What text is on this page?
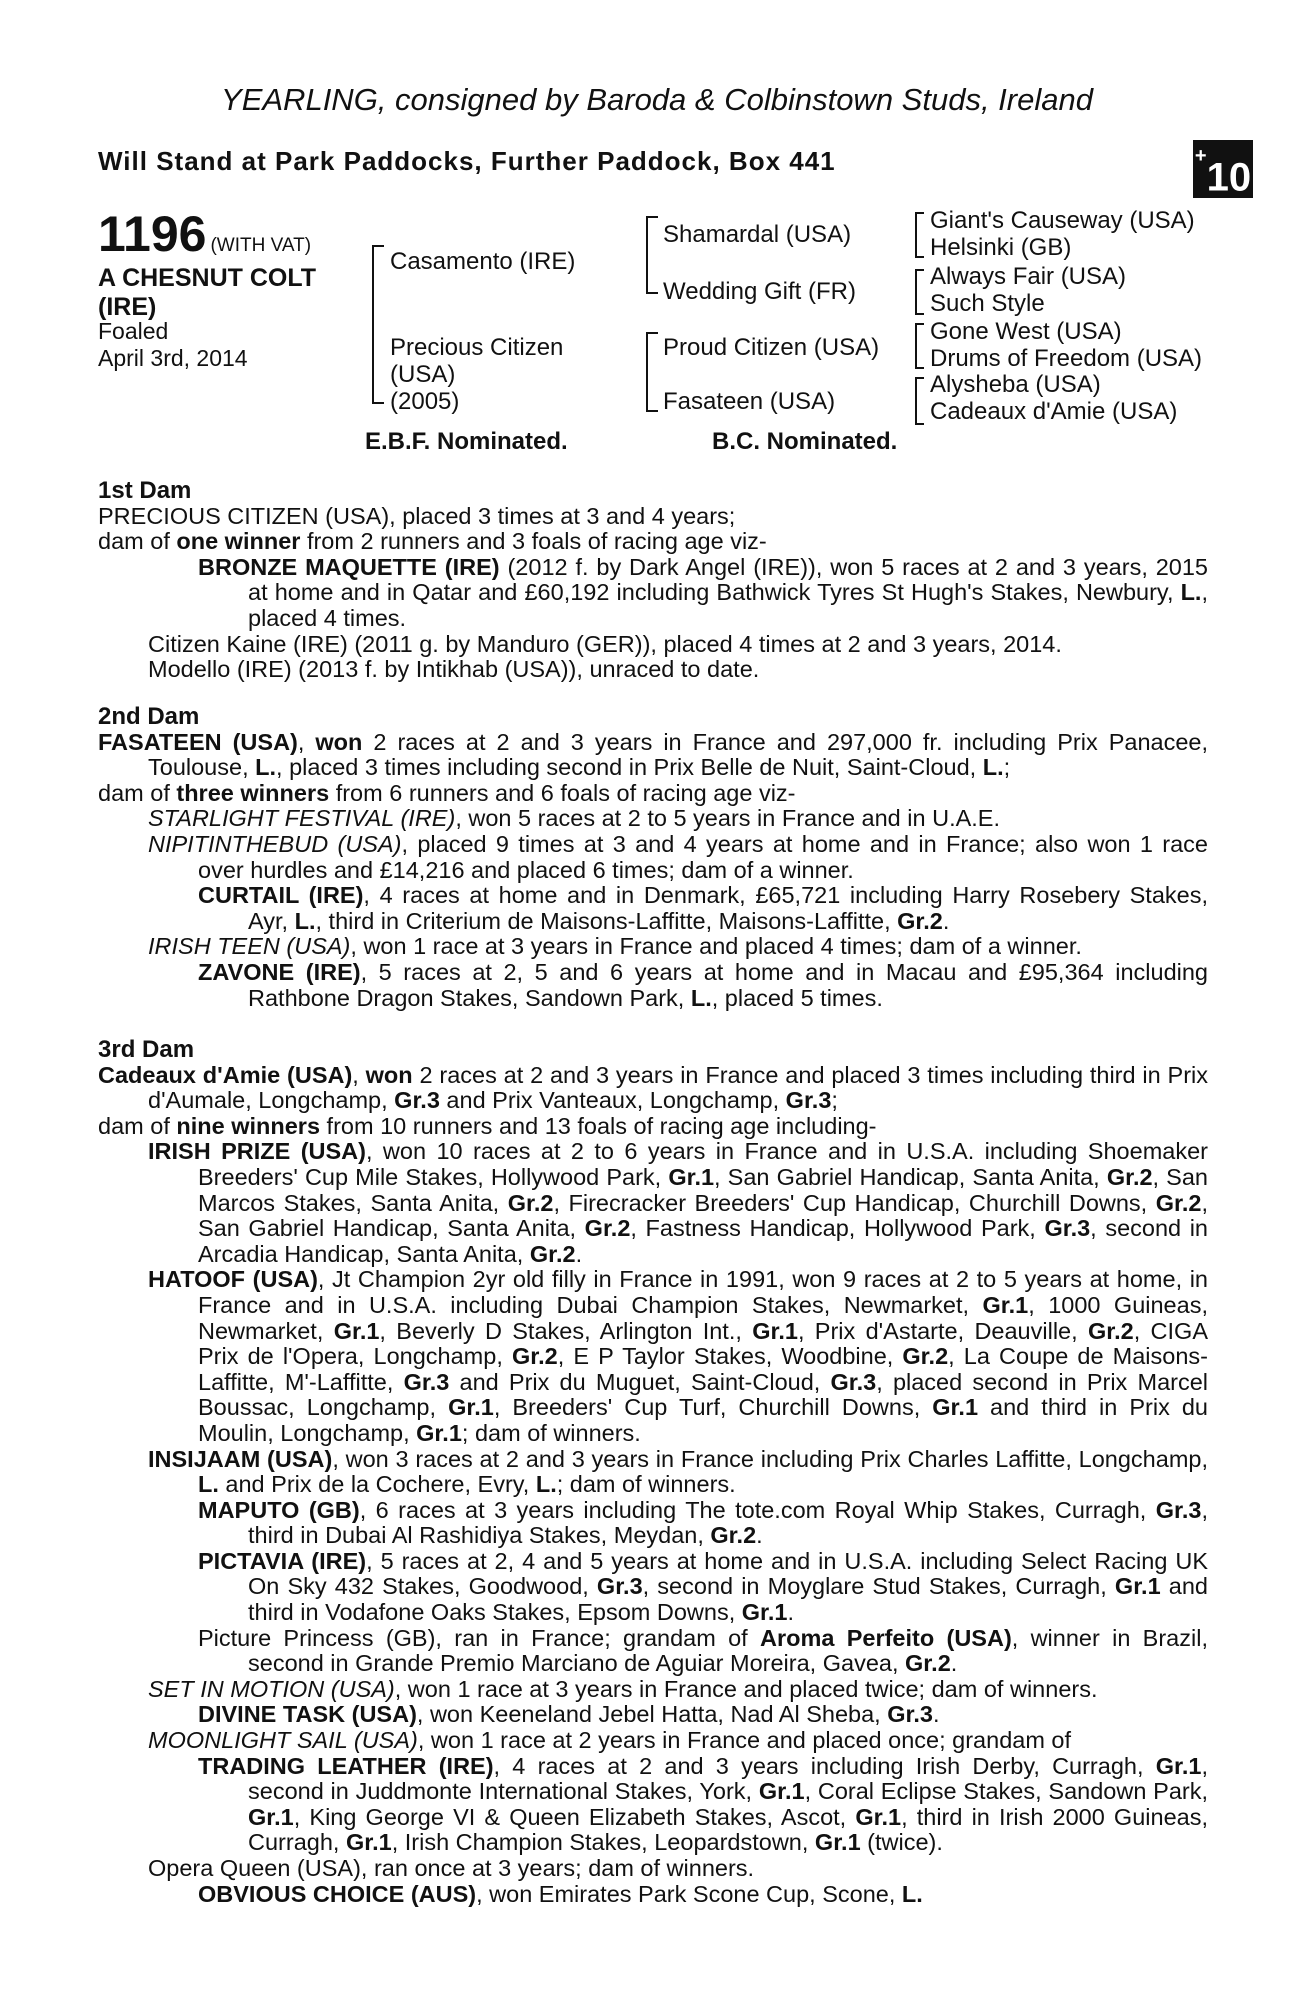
YEARLING, consigned by Baroda & Colbinstown Studs, Ireland
Will Stand at Park Paddocks, Further Paddock, Box 441	+10
1196 (WITH VAT)
A CHESNUT COLT (IRE)
Foaled
April 3rd, 2014
Casamento (IRE)
Precious Citizen
(USA)
(2005)
Shamardal (USA)
Wedding Gift (FR)
Proud Citizen (USA)
Fasateen (USA)
Giant's Causeway (USA)
Helsinki (GB)
Always Fair (USA)
Such Style
Gone West (USA)
Drums of Freedom (USA)
Alysheba (USA)
Cadeaux d'Amie (USA)
E.B.F. Nominated.	B.C. Nominated.

1st Dam

PRECIOUS CITIZEN (USA), placed 3 times at 3 and 4 years;

dam of one winner from 2 runners and 3 foals of racing age viz-

BRONZE MAQUETTE (IRE) (2012 f. by Dark Angel (IRE)), won 5 races at 2 and 3 years, 2015 at home and in Qatar and £60,192 including Bathwick Tyres St Hugh's Stakes, Newbury, L., placed 4 times.

Citizen Kaine (IRE) (2011 g. by Manduro (GER)), placed 4 times at 2 and 3 years, 2014.

Modello (IRE) (2013 f. by Intikhab (USA)), unraced to date.

2nd Dam

FASATEEN (USA), won 2 races at 2 and 3 years in France and 297,000 fr. including Prix Panacee, Toulouse, L., placed 3 times including second in Prix Belle de Nuit, Saint-Cloud, L.;

dam of three winners from 6 runners and 6 foals of racing age viz-

STARLIGHT FESTIVAL (IRE), won 5 races at 2 to 5 years in France and in U.A.E.

NIPITINTHEBUD (USA), placed 9 times at 3 and 4 years at home and in France; also won 1 race over hurdles and £14,216 and placed 6 times; dam of a winner.

CURTAIL (IRE), 4 races at home and in Denmark, £65,721 including Harry Rosebery Stakes, Ayr, L., third in Criterium de Maisons-Laffitte, Maisons-Laffitte, Gr.2.

IRISH TEEN (USA), won 1 race at 3 years in France and placed 4 times; dam of a winner.

ZAVONE (IRE), 5 races at 2, 5 and 6 years at home and in Macau and £95,364 including Rathbone Dragon Stakes, Sandown Park, L., placed 5 times.

3rd Dam

Cadeaux d'Amie (USA), won 2 races at 2 and 3 years in France and placed 3 times including third in Prix d'Aumale, Longchamp, Gr.3 and Prix Vanteaux, Longchamp, Gr.3;

dam of nine winners from 10 runners and 13 foals of racing age including-

IRISH PRIZE (USA), won 10 races at 2 to 6 years in France and in U.S.A. including Shoemaker Breeders' Cup Mile Stakes, Hollywood Park, Gr.1, San Gabriel Handicap, Santa Anita, Gr.2, San Marcos Stakes, Santa Anita, Gr.2, Firecracker Breeders' Cup Handicap, Churchill Downs, Gr.2, San Gabriel Handicap, Santa Anita, Gr.2, Fastness Handicap, Hollywood Park, Gr.3, second in Arcadia Handicap, Santa Anita, Gr.2.

HATOOF (USA), Jt Champion 2yr old filly in France in 1991, won 9 races at 2 to 5 years at home, in France and in U.S.A. including Dubai Champion Stakes, Newmarket, Gr.1, 1000 Guineas, Newmarket, Gr.1, Beverly D Stakes, Arlington Int., Gr.1, Prix d'Astarte, Deauville, Gr.2, CIGA Prix de l'Opera, Longchamp, Gr.2, E P Taylor Stakes, Woodbine, Gr.2, La Coupe de Maisons-Laffitte, M'-Laffitte, Gr.3 and Prix du Muguet, Saint-Cloud, Gr.3, placed second in Prix Marcel Boussac, Longchamp, Gr.1, Breeders' Cup Turf, Churchill Downs, Gr.1 and third in Prix du Moulin, Longchamp, Gr.1; dam of winners.

INSIJAAM (USA), won 3 races at 2 and 3 years in France including Prix Charles Laffitte, Longchamp, L. and Prix de la Cochere, Evry, L.; dam of winners.

MAPUTO (GB), 6 races at 3 years including The tote.com Royal Whip Stakes, Curragh, Gr.3, third in Dubai Al Rashidiya Stakes, Meydan, Gr.2.

PICTAVIA (IRE), 5 races at 2, 4 and 5 years at home and in U.S.A. including Select Racing UK On Sky 432 Stakes, Goodwood, Gr.3, second in Moyglare Stud Stakes, Curragh, Gr.1 and third in Vodafone Oaks Stakes, Epsom Downs, Gr.1.

Picture Princess (GB), ran in France; grandam of Aroma Perfeito (USA), winner in Brazil, second in Grande Premio Marciano de Aguiar Moreira, Gavea, Gr.2.

SET IN MOTION (USA), won 1 race at 3 years in France and placed twice; dam of winners.

DIVINE TASK (USA), won Keeneland Jebel Hatta, Nad Al Sheba, Gr.3.

MOONLIGHT SAIL (USA), won 1 race at 2 years in France and placed once; grandam of

TRADING LEATHER (IRE), 4 races at 2 and 3 years including Irish Derby, Curragh, Gr.1, second in Juddmonte International Stakes, York, Gr.1, Coral Eclipse Stakes, Sandown Park, Gr.1, King George VI & Queen Elizabeth Stakes, Ascot, Gr.1, third in Irish 2000 Guineas, Curragh, Gr.1, Irish Champion Stakes, Leopardstown, Gr.1 (twice).

Opera Queen (USA), ran once at 3 years; dam of winners.

OBVIOUS CHOICE (AUS), won Emirates Park Scone Cup, Scone, L.
